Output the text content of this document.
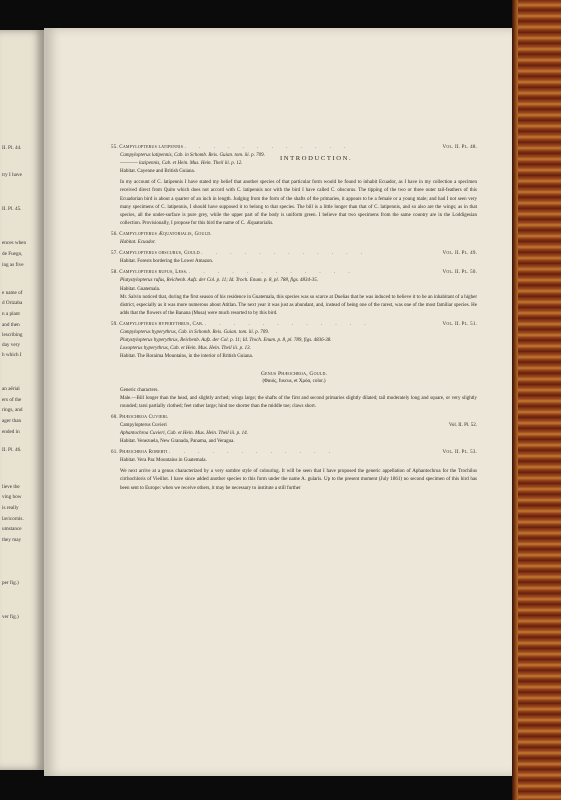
II. Pl. 44.
try I have
II. Pl. 45.
ences when
de Fuego,
ing as five
e name of
d Orizaba
n a plant
and then
lescribing
day very
h which I
an aërial
ers of the
rings, and
ager than
ended in
II. Pl. 46.
lieve the
ving how
is really
lavicornis.
umstance
they may
per fig.)
ver fig.)
INTRODUCTION.
55. Campylopterus latipennis . . . . . . . . . . . .	Vol. II. Pl. 48.
Campylopterus latipennis, Cab. in Schomb. Reis. Guian. tom. iii. p. 709.
———— lazipennis, Cab. et Hein. Mus. Hein. Theil iii. p. 12.
Habitat. Cayenne and British Guiana.
In my account of C. latipennis I have stated my belief that another species of that particular form would be found to inhabit Ecuador, as I have in my collection a specimen received direct from Quito which does not accord with C. latipennis nor with the bird I have called C. obscurus. The tipping of the two or three outer tail-feathers of this Ecuadorian bird is about a quarter of an inch in length. Judging from the form of the shafts of the primaries, it appears to be a female or a young male; and had I not seen very many specimens of C. latipennis, I should have supposed it to belong to that species. The bill is a little longer than that of C. latipennis, and so also are the wings; as in that species, all the under-surface is pure grey, while the upper part of the body is uniform green. I believe that two specimens from the same country are in the Loddigesian collection. Provisionally, I propose for this bird the name of C. Æquatorialis.
56. Campylopterus Æquatorialis, Gould.
Habitat. Ecuador.
57. Campylopterus obscurus, Gould . . . . . . . . . . . .	Vol. II. Pl. 49.
Habitat. Forests bordering the Lower Amazon.
58. Campylopterus rufus, Less. . . . . . . . . . . . .	Vol. II. Pl. 50.
Platystylopterus rufus, Reichenb. Aufz. der Col. p. 11; Id. Troch. Enum. p. 8, pl. 788, figs. 4834-35.
Habitat. Guatemala.
Mr. Salvin noticed that, during the first season of his residence in Guatemala, this species was so scarce at Dueñas that he was induced to believe it to be an inhabitant of a higher district, especially as it was more numerous about Atitlan. The next year it was just as abundant, and, instead of being one of the rarest, was one of the most familiar species. He adds that the flowers of the Banana (Musa) were much resorted to by this bird.
59. Campylopterus hyperythrus, Cab. . . . . . . . . . . . .	Vol. II. Pl. 51.
Campylopterus hyperythrus, Cab. in Schomb. Reis. Guian. tom. iii. p. 709.
Platystylopterus hyperythrus, Reichenb. Aufz. der Col. p. 11; Id. Troch. Enum. p. 8, pl. 789, figs. 4836-38.
Loxopterus hyperythrus, Cab. et Hein. Mus. Hein. Theil iii. p. 13.
Habitat. The Roraima Mountains, in the interior of British Guiana.
Genus Phæochroa, Gould.
(Φαιός, fuscus, et Χρόα, color.)
Generic characters.
Male.—Bill longer than the head, and slightly arched; wings large; the shafts of the first and second primaries slightly dilated; tail moderately long and square, or very slightly rounded; tarsi partially clothed; feet rather large; hind toe shorter than the middle toe; claws short.
60. Phæochroa Cuvieri.
Campylopterus Cuvieri	Vol. II. Pl. 52.
Aphantochroa Cuvieri, Cab. et Hein. Mus. Hein. Theil iii. p. 14.
Habitat. Venezuela, New Granada, Panama, and Veragua.
61. Phæochroa Roberti . . . . . . . . . . . .	Vol. II. Pl. 53.
Habitat. Vera Paz Mountains in Guatemala.
We next arrive at a genus characterized by a very sombre style of colouring. It will be seen that I have proposed the generic appellation of Aphantochroa for the Trochilus cirrhochloris of Vieillot. I have since added another species to this form under the name A. gularis. Up to the present moment (July 1861) no second specimen of this bird has been sent to Europe: when we receive others, it may be necessary to institute a still further
